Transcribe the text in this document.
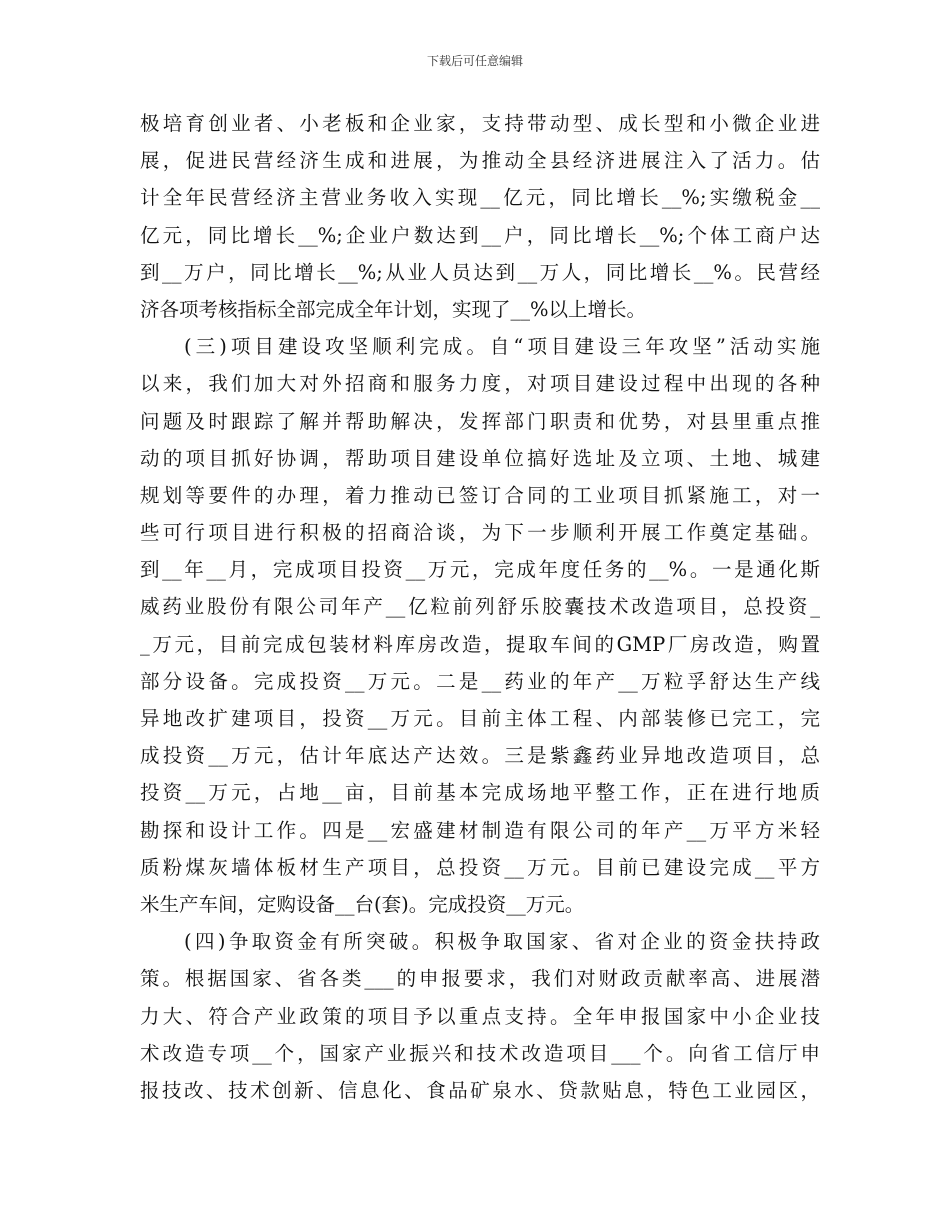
下载后可任意编辑
极培育创业者、小老板和企业家，支持带动型、成长型和小微企业进
展，促进民营经济生成和进展，为推动全县经济进展注入了活力。估
计全年民营经济主营业务收入实现__亿元，同比增长__%;实缴税金__
亿元，同比增长__%;企业户数达到__户，同比增长__%;个体工商户达
到__万户，同比增长__%;从业人员达到__万人，同比增长__%。民营经
济各项考核指标全部完成全年计划，实现了__%以上增长。
(三)项目建设攻坚顺利完成。自“项目建设三年攻坚”活动实施
以来，我们加大对外招商和服务力度，对项目建设过程中出现的各种
问题及时跟踪了解并帮助解决，发挥部门职责和优势，对县里重点推
动的项目抓好协调，帮助项目建设单位搞好选址及立项、土地、城建
规划等要件的办理，着力推动已签订合同的工业项目抓紧施工，对一
些可行项目进行积极的招商洽谈，为下一步顺利开展工作奠定基础。
到__年__月，完成项目投资__万元，完成年度任务的__%。一是通化斯
威药业股份有限公司年产__亿粒前列舒乐胶囊技术改造项目，总投资_
_万元，目前完成包装材料库房改造，提取车间的GMP厂房改造，购置
部分设备。完成投资__万元。二是__药业的年产__万粒孚舒达生产线
异地改扩建项目，投资__万元。目前主体工程、内部装修已完工，完
成投资__万元，估计年底达产达效。三是紫鑫药业异地改造项目，总
投资__万元，占地__亩，目前基本完成场地平整工作，正在进行地质
勘探和设计工作。四是__宏盛建材制造有限公司的年产__万平方米轻
质粉煤灰墙体板材生产项目，总投资__万元。目前已建设完成__平方
米生产车间，定购设备__台(套)。完成投资__万元。
(四)争取资金有所突破。积极争取国家、省对企业的资金扶持政
策。根据国家、省各类___的申报要求，我们对财政贡献率高、进展潜
力大、符合产业政策的项目予以重点支持。全年申报国家中小企业技
术改造专项__个，国家产业振兴和技术改造项目___个。向省工信厅申
报技改、技术创新、信息化、食品矿泉水、贷款贴息，特色工业园区，
